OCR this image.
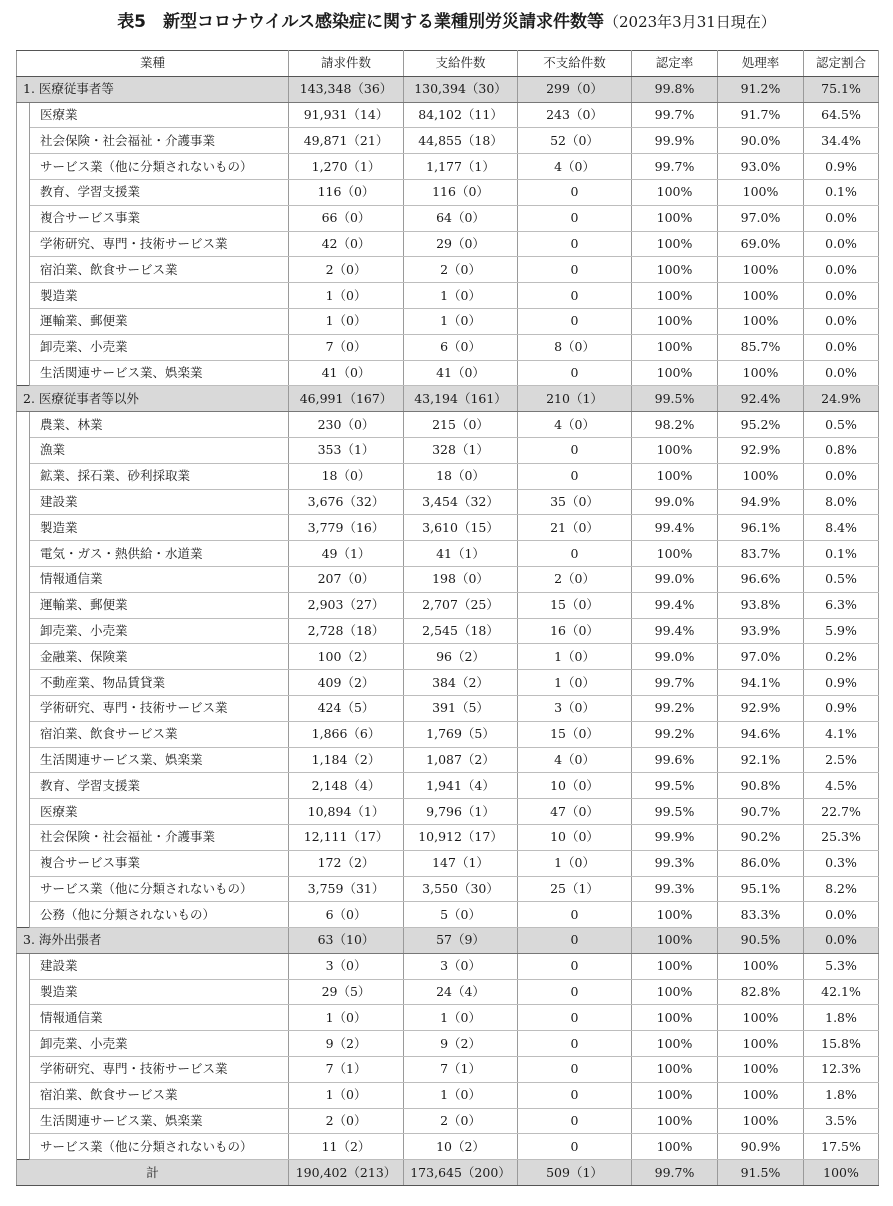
表5　新型コロナウイルス感染症に関する業種別労災請求件数等（2023年3月31日現在）
業種		請求件数	支給件数	不支給件数	認定率	処理率	認定割合
1. 医療従事者等		143,348（36）	130,394（30）	299（0）	99.8%	91.2%	75.1%
	医療業	91,931（14）	84,102（11）	243（0）	99.7%	91.7%	64.5%
	社会保険・社会福祉・介護事業	49,871（21）	44,855（18）	52（0）	99.9%	90.0%	34.4%
	サービス業（他に分類されないもの）	1,270（1）	1,177（1）	4（0）	99.7%	93.0%	0.9%
	教育、学習支援業	116（0）	116（0）	0	100%	100%	0.1%
	複合サービス事業	66（0）	64（0）	0	100%	97.0%	0.0%
	学術研究、専門・技術サービス業	42（0）	29（0）	0	100%	69.0%	0.0%
	宿泊業、飲食サービス業	2（0）	2（0）	0	100%	100%	0.0%
	製造業	1（0）	1（0）	0	100%	100%	0.0%
	運輸業、郵便業	1（0）	1（0）	0	100%	100%	0.0%
	卸売業、小売業	7（0）	6（0）	8（0）	100%	85.7%	0.0%
	生活関連サービス業、娯楽業	41（0）	41（0）	0	100%	100%	0.0%
2. 医療従事者等以外		46,991（167）	43,194（161）	210（1）	99.5%	92.4%	24.9%
	農業、林業	230（0）	215（0）	4（0）	98.2%	95.2%	0.5%
	漁業	353（1）	328（1）	0	100%	92.9%	0.8%
	鉱業、採石業、砂利採取業	18（0）	18（0）	0	100%	100%	0.0%
	建設業	3,676（32）	3,454（32）	35（0）	99.0%	94.9%	8.0%
	製造業	3,779（16）	3,610（15）	21（0）	99.4%	96.1%	8.4%
	電気・ガス・熱供給・水道業	49（1）	41（1）	0	100%	83.7%	0.1%
	情報通信業	207（0）	198（0）	2（0）	99.0%	96.6%	0.5%
	運輸業、郵便業	2,903（27）	2,707（25）	15（0）	99.4%	93.8%	6.3%
	卸売業、小売業	2,728（18）	2,545（18）	16（0）	99.4%	93.9%	5.9%
	金融業、保険業	100（2）	96（2）	1（0）	99.0%	97.0%	0.2%
	不動産業、物品賃貸業	409（2）	384（2）	1（0）	99.7%	94.1%	0.9%
	学術研究、専門・技術サービス業	424（5）	391（5）	3（0）	99.2%	92.9%	0.9%
	宿泊業、飲食サービス業	1,866（6）	1,769（5）	15（0）	99.2%	94.6%	4.1%
	生活関連サービス業、娯楽業	1,184（2）	1,087（2）	4（0）	99.6%	92.1%	2.5%
	教育、学習支援業	2,148（4）	1,941（4）	10（0）	99.5%	90.8%	4.5%
	医療業	10,894（1）	9,796（1）	47（0）	99.5%	90.7%	22.7%
	社会保険・社会福祉・介護事業	12,111（17）	10,912（17）	10（0）	99.9%	90.2%	25.3%
	複合サービス事業	172（2）	147（1）	1（0）	99.3%	86.0%	0.3%
	サービス業（他に分類されないもの）	3,759（31）	3,550（30）	25（1）	99.3%	95.1%	8.2%
	公務（他に分類されないもの）	6（0）	5（0）	0	100%	83.3%	0.0%
3. 海外出張者		63（10）	57（9）	0	100%	90.5%	0.0%
	建設業	3（0）	3（0）	0	100%	100%	5.3%
	製造業	29（5）	24（4）	0	100%	82.8%	42.1%
	情報通信業	1（0）	1（0）	0	100%	100%	1.8%
	卸売業、小売業	9（2）	9（2）	0	100%	100%	15.8%
	学術研究、専門・技術サービス業	7（1）	7（1）	0	100%	100%	12.3%
	宿泊業、飲食サービス業	1（0）	1（0）	0	100%	100%	1.8%
	生活関連サービス業、娯楽業	2（0）	2（0）	0	100%	100%	3.5%
	サービス業（他に分類されないもの）	11（2）	10（2）	0	100%	90.9%	17.5%
計		190,402（213）	173,645（200）	509（1）	99.7%	91.5%	100%
